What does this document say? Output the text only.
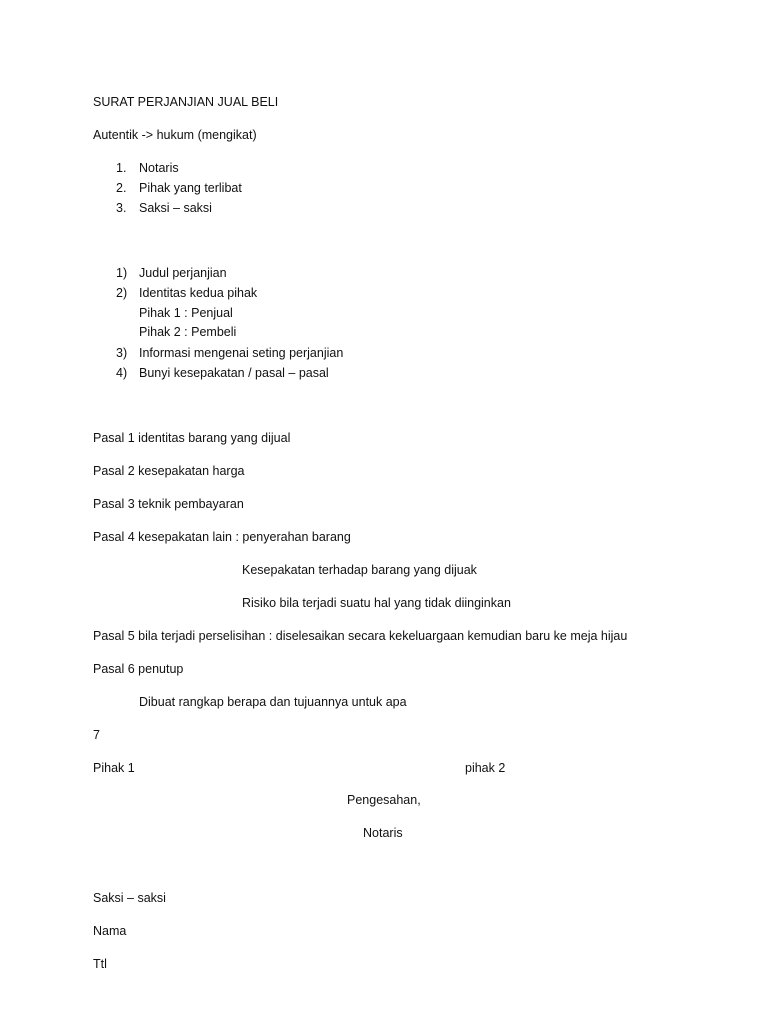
SURAT PERJANJIAN JUAL BELI
Autentik -> hukum (mengikat)
1. Notaris
2. Pihak yang terlibat
3. Saksi – saksi
1) Judul perjanjian
2) Identitas kedua pihak
Pihak 1 : Penjual
Pihak 2 : Pembeli
3) Informasi mengenai seting perjanjian
4) Bunyi kesepakatan / pasal – pasal
Pasal 1 identitas barang yang dijual
Pasal 2 kesepakatan harga
Pasal 3 teknik pembayaran
Pasal 4 kesepakatan lain : penyerahan barang
Kesepakatan terhadap barang yang dijuak
Risiko bila terjadi suatu hal yang tidak diinginkan
Pasal 5 bila terjadi perselisihan : diselesaikan secara kekeluargaan kemudian baru ke meja hijau
Pasal 6 penutup
Dibuat rangkap berapa dan tujuannya untuk apa
7
Pihak 1	pihak 2
Pengesahan,
Notaris
Saksi – saksi
Nama
Ttl
